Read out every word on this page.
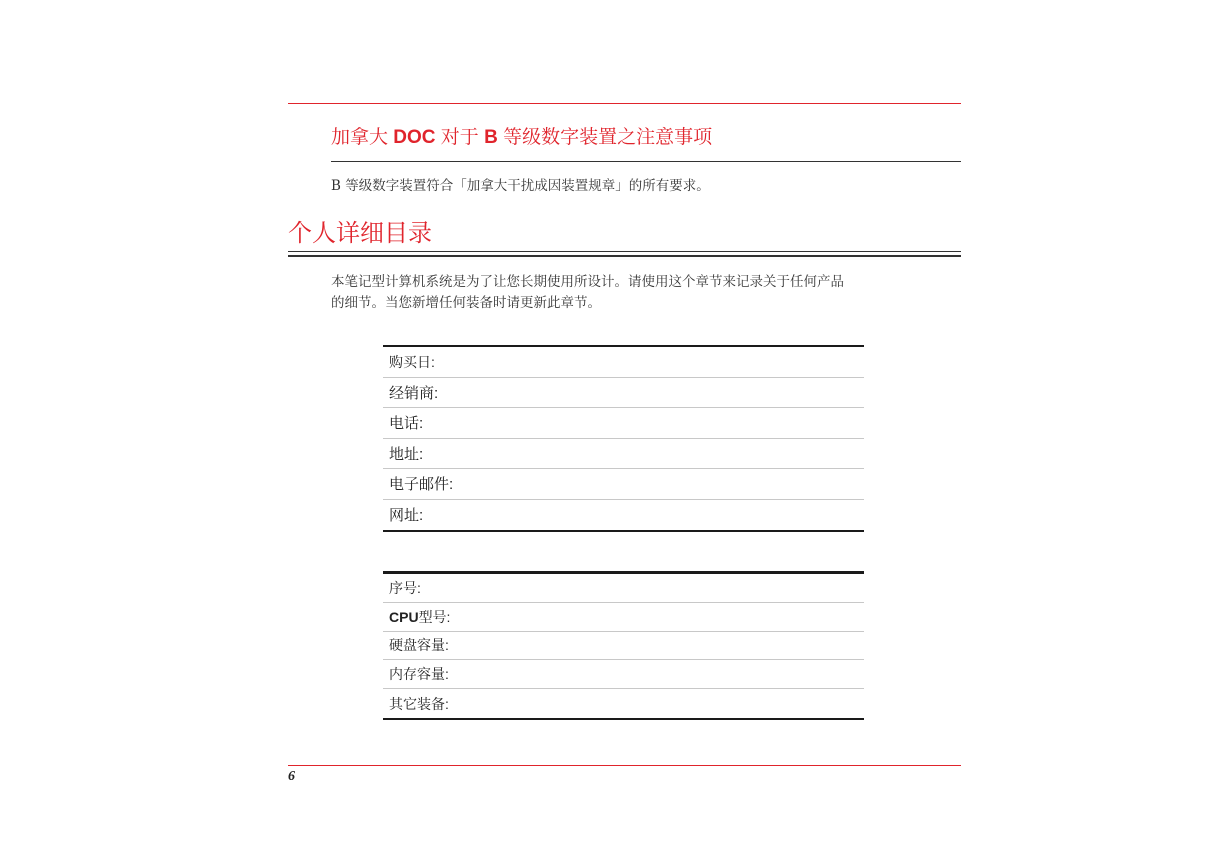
加拿大 DOC 对于 B 等级数字装置之注意事项

B 等级数字装置符合「加拿大干扰成因装置规章」的所有要求。

个人详细目录

本笔记型计算机系统是为了让您长期使用所设计。请使用这个章节来记录关于任何产品
的细节。当您新增任何装备时请更新此章节。

购买日:
经销商:
电话:
地址:
电子邮件:
网址:
序号:
CPU 型号:
硬盘容量:
内存容量:
其它装备:

6
